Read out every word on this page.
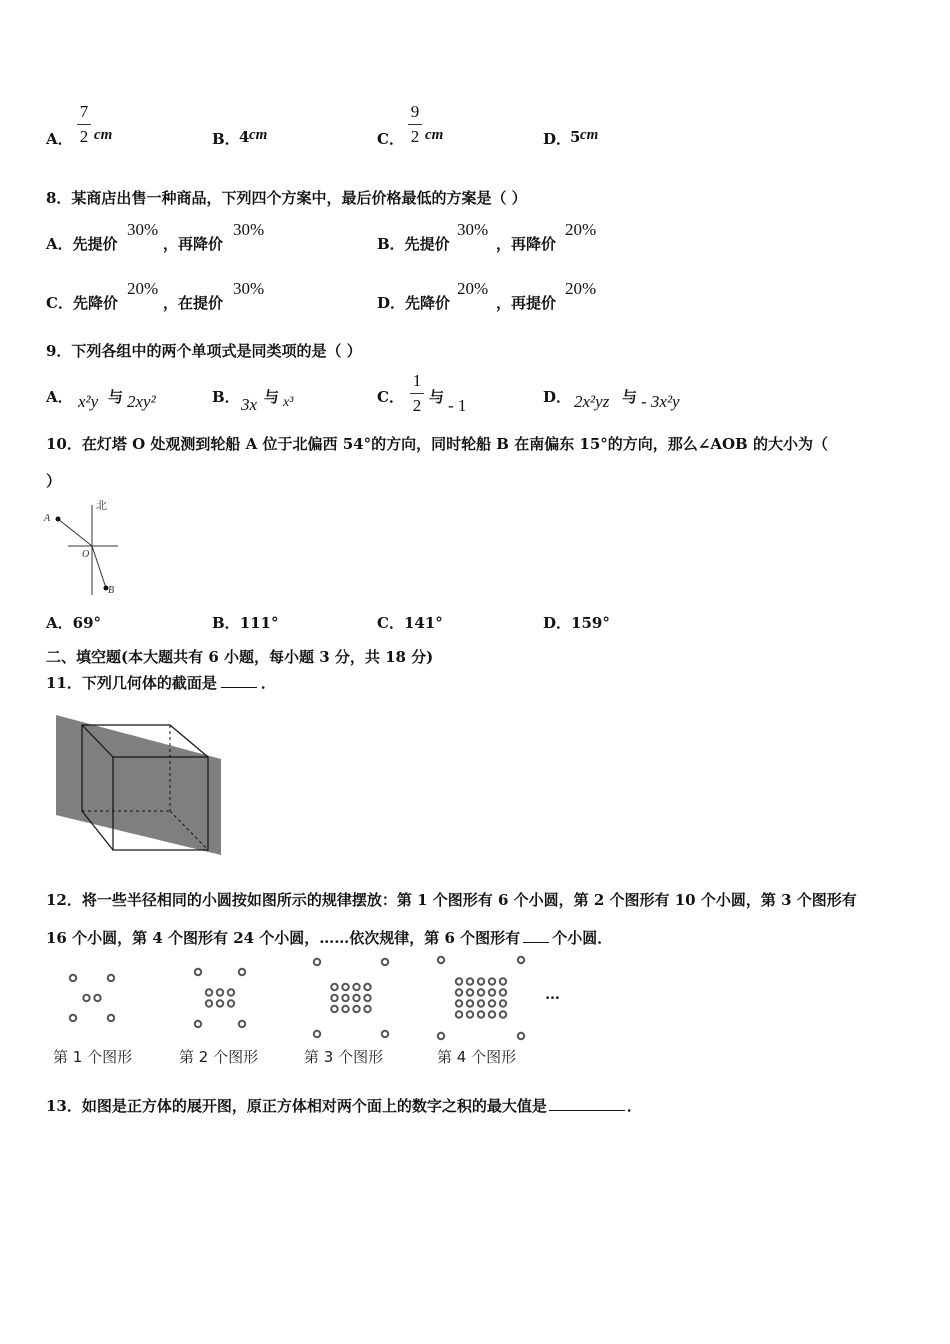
A．
7
2 cm	B． 4 cm	C．
9
2 cm	D．
5 cm
8．某商店出售一种商品，下列四个方案中，最后价格最低的方案是（ ）
A．先提价
30%
，再降价
30%
B．先提价
30%
，再降价
20%
C．先降价
20%
，在提价
30%
D．先降价
20%
，再提价
20%
9．下列各组中的两个单项式是同类项的是（ ）
A． x²y 与 2xy²	B． 3x 与 x³	C．
1
2 与 - 1	D． 2x²yz 与 - 3x²y
10．在灯塔 O 处观测到轮船 A 位于北偏西 54°的方向，同时轮船 B 在南偏东 15°的方向，那么∠AOB 的大小为（
）
北
A
O
B
A．69°	B．111°	C．141°	D．159°
二、填空题(本大题共有 6 小题，每小题 3 分，共 18 分)
11．下列几何体的截面是	．
12．将一些半径相同的小圆按如图所示的规律摆放：第 1 个图形有 6 个小圆，第 2 个图形有 10 个小圆，第 3 个图形有
16 个小圆，第 4 个图形有 24 个小圆，……依次规律，第 6 个图形有 个小圆．
…
第 1 个图形	第 2 个图形	第 3 个图形	第 4 个图形
13．如图是正方体的展开图，原正方体相对两个面上的数字之积的最大值是	．
